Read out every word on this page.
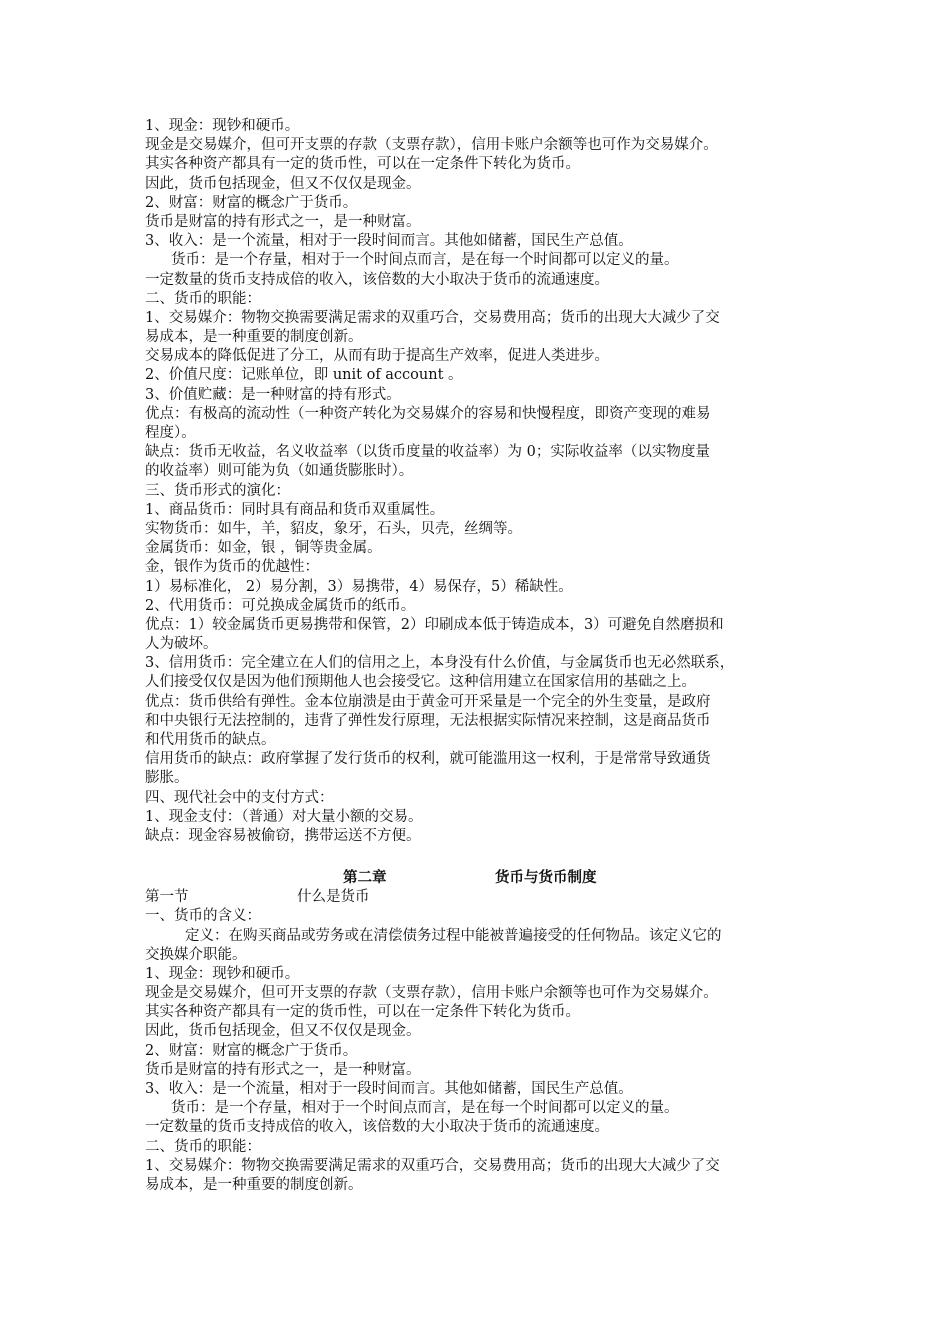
1、现金：现钞和硬币。
现金是交易媒介，但可开支票的存款（支票存款），信用卡账户余额等也可作为交易媒介。
其实各种资产都具有一定的货币性，可以在一定条件下转化为货币。
因此，货币包括现金，但又不仅仅是现金。
2、财富：财富的概念广于货币。
货币是财富的持有形式之一，是一种财富。
3、收入：是一个流量，相对于一段时间而言。其他如储蓄，国民生产总值。
货币：是一个存量，相对于一个时间点而言，是在每一个时间都可以定义的量。
一定数量的货币支持成倍的收入，该倍数的大小取决于货币的流通速度。
二、货币的职能：
1、交易媒介：物物交换需要满足需求的双重巧合，交易费用高；货币的出现大大减少了交
易成本，是一种重要的制度创新。
交易成本的降低促进了分工，从而有助于提高生产效率，促进人类进步。
2、价值尺度：记账单位，即 unit of account 。
3、价值贮藏：是一种财富的持有形式。
优点：有极高的流动性（一种资产转化为交易媒介的容易和快慢程度，即资产变现的难易
程度）。
缺点：货币无收益，名义收益率（以货币度量的收益率）为 0；实际收益率（以实物度量
的收益率）则可能为负（如通货膨胀时）。
三、货币形式的演化：
1、商品货币：同时具有商品和货币双重属性。
实物货币：如牛，羊，貂皮，象牙，石头，贝壳，丝绸等。
金属货币：如金，银 ，铜等贵金属。
金，银作为货币的优越性：
1）易标准化， 2）易分割，3）易携带，4）易保存，5）稀缺性。
2、代用货币：可兑换成金属货币的纸币。
优点：1）较金属货币更易携带和保管，2）印刷成本低于铸造成本，3）可避免自然磨损和
人为破坏。
3、信用货币：完全建立在人们的信用之上，本身没有什么价值，与金属货币也无必然联系，
人们接受仅仅是因为他们预期他人也会接受它。这种信用建立在国家信用的基础之上。
优点：货币供给有弹性。金本位崩溃是由于黄金可开采量是一个完全的外生变量，是政府
和中央银行无法控制的，违背了弹性发行原理，无法根据实际情况来控制，这是商品货币
和代用货币的缺点。
信用货币的缺点：政府掌握了发行货币的权利，就可能滥用这一权利，于是常常导致通货
膨胀。
四、现代社会中的支付方式：
1、现金支付：（普通）对大量小额的交易。
缺点：现金容易被偷窃，携带运送不方便。
第二章	货币与货币制度
第一节	什么是货币
一、货币的含义：
定义：在购买商品或劳务或在清偿债务过程中能被普遍接受的任何物品。该定义它的
交换媒介职能。
1、现金：现钞和硬币。
现金是交易媒介，但可开支票的存款（支票存款），信用卡账户余额等也可作为交易媒介。
其实各种资产都具有一定的货币性，可以在一定条件下转化为货币。
因此，货币包括现金，但又不仅仅是现金。
2、财富：财富的概念广于货币。
货币是财富的持有形式之一，是一种财富。
3、收入：是一个流量，相对于一段时间而言。其他如储蓄，国民生产总值。
货币：是一个存量，相对于一个时间点而言，是在每一个时间都可以定义的量。
一定数量的货币支持成倍的收入，该倍数的大小取决于货币的流通速度。
二、货币的职能：
1、交易媒介：物物交换需要满足需求的双重巧合，交易费用高；货币的出现大大减少了交
易成本，是一种重要的制度创新。
